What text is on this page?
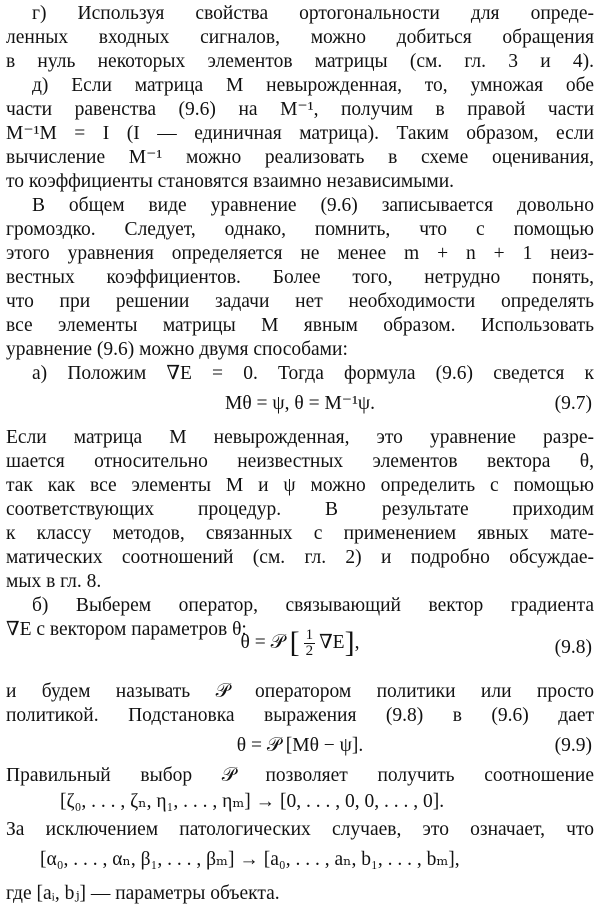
г) Используя свойства ортогональности для опреде-
ленных входных сигналов, можно добиться обращения
в нуль некоторых элементов матрицы (см. гл. 3 и 4).
д) Если матрица M невырожденная, то, умножая обе
части равенства (9.6) на M⁻¹, получим в правой части
M⁻¹M = I (I — единичная матрица). Таким образом, если
вычисление M⁻¹ можно реализовать в схеме оценивания,
то коэффициенты становятся взаимно независимыми.
В общем виде уравнение (9.6) записывается довольно
громоздко. Следует, однако, помнить, что с помощью
этого уравнения определяется не менее m + n + 1 неиз-
вестных коэффициентов. Более того, нетрудно понять,
что при решении задачи нет необходимости определять
все элементы матрицы M явным образом. Использовать
уравнение (9.6) можно двумя способами:
а) Положим ∇E = 0. Тогда формула (9.6) сведется к
Mθ = ψ, θ = M⁻¹ψ.	(9.7)
Если матрица M невырожденная, это уравнение разре-
шается относительно неизвестных элементов вектора θ,
так как все элементы M и ψ можно определить с помощью
соответствующих процедур. В результате приходим
к классу методов, связанных с применением явных мате-
матических соотношений (см. гл. 2) и подробно обсуждае-
мых в гл. 8.
б) Выберем оператор, связывающий вектор градиента
∇E с вектором параметров θ:
θ = 𝒫 [ $\frac{1}{2} \nabla E$],	(9.8)
и будем называть 𝒫 оператором политики или просто
политикой. Подстановка выражения (9.8) в (9.6) дает
θ = 𝒫 [Mθ − ψ].	(9.9)
Правильный выбор 𝒫 позволяет получить соотношение
[ζ₀, . . . , ζₙ, η₁, . . . , ηₘ] → [0, . . . , 0, 0, . . . , 0].
За исключением патологических случаев, это означает, что
[α₀, . . . , αₙ, β₁, . . . , βₘ] → [a₀, . . . , aₙ, b₁, . . . , bₘ],
где [aᵢ, bⱼ] — параметры объекта.
